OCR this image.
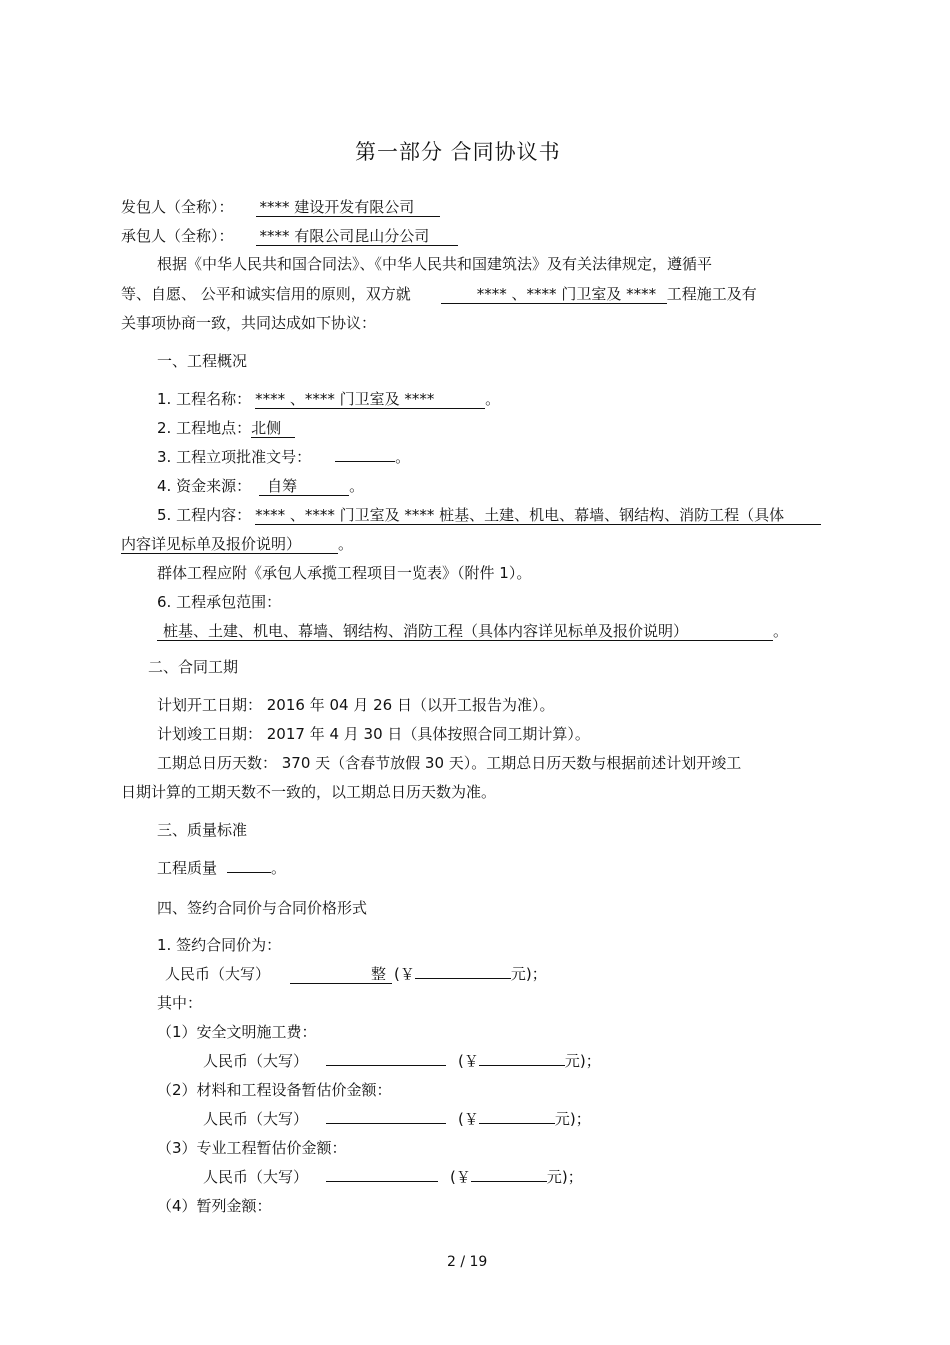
第一部分 合同协议书
发包人（全称）： **** 建设开发有限公司
承包人（全称）： **** 有限公司昆山分公司
根据《中华人民共和国合同法》、《中华人民共和国建筑法》及有关法律规定，遵循平
等、自愿、 公平和诚实信用的原则，双方就	**** 、**** 门卫室及 **** 工程施工及有
关事项协商一致，共同达成如下协议：
一、工程概况
1. 工程名称： **** 、**** 门卫室及 ****	。
2. 工程地点：北侧
3. 工程立项批准文号：	。
4. 资金来源： 自筹	。
5. 工程内容： **** 、**** 门卫室及 **** 桩基、土建、机电、幕墙、钢结构、消防工程（具体
内容详见标单及报价说明） 。
群体工程应附《承包人承揽工程项目一览表》（附件 1）。
6. 工程承包范围：
桩基、土建、机电、幕墙、钢结构、消防工程（具体内容详见标单及报价说明）	。
二、合同工期
计划开工日期： 2016 年 04 月 26 日（以开工报告为准）。
计划竣工日期： 2017 年 4 月 30 日（具体按照合同工期计算）。
工期总日历天数： 370 天（含春节放假 30 天）。工期总日历天数与根据前述计划开竣工
日期计算的工期天数不一致的，以工期总日历天数为准。
三、质量标准
工程质量	。
四、签约合同价与合同价格形式
1. 签约合同价为：
人民币（大写）	整 (￥	元)；
其中：
（1）安全文明施工费：
人民币（大写）	(￥	元)；
（2）材料和工程设备暂估价金额：
人民币（大写）	(￥	元)；
（3）专业工程暂估价金额：
人民币（大写）	(￥	元)；
（4）暂列金额：
2 / 19
